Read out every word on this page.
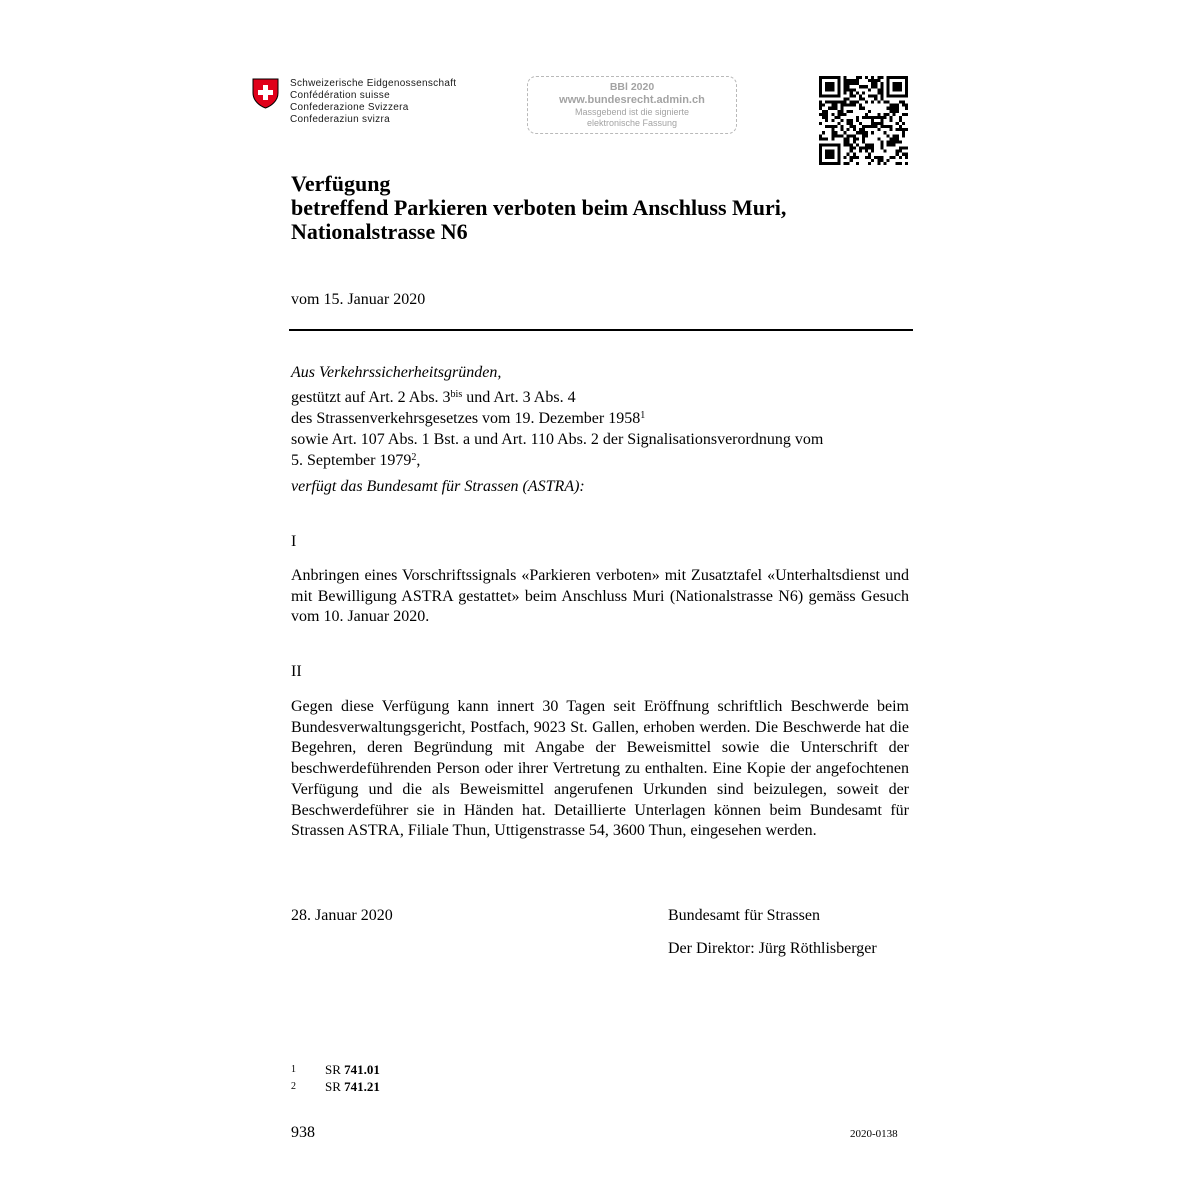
Schweizerische Eidgenossenschaft
Confédération suisse
Confederazione Svizzera
Confederaziun svizra
BBl 2020
www.bundesrecht.admin.ch
Massgebend ist die signierte
elektronische Fassung
Verfügung
betreffend Parkieren verboten beim Anschluss Muri,
Nationalstrasse N6
vom 15. Januar 2020
Aus Verkehrssicherheitsgründen,
gestützt auf Art. 2 Abs. $3^{bis}$ und Art. 3 Abs. 4
des Strassenverkehrsgesetzes vom 19. Dezember 1958$^1$
sowie Art. 107 Abs. 1 Bst. a und Art. 110 Abs. 2 der Signalisationsverordnung vom
5. September 1979$^2$,
verfügt das Bundesamt für Strassen (ASTRA):
I
Anbringen eines Vorschriftssignals «Parkieren verboten» mit Zusatztafel «Unterhaltsdienst und mit Bewilligung ASTRA gestattet» beim Anschluss Muri (Nationalstrasse N6) gemäss Gesuch vom 10. Januar 2020.
II
Gegen diese Verfügung kann innert 30 Tagen seit Eröffnung schriftlich Beschwerde beim Bundesverwaltungsgericht, Postfach, 9023 St. Gallen, erhoben werden. Die Beschwerde hat die Begehren, deren Begründung mit Angabe der Beweismittel sowie die Unterschrift der beschwerdeführenden Person oder ihrer Vertretung zu enthalten. Eine Kopie der angefochtenen Verfügung und die als Beweismittel angerufenen Urkunden sind beizulegen, soweit der Beschwerdeführer sie in Händen hat. Detaillierte Unterlagen können beim Bundesamt für Strassen ASTRA, Filiale Thun, Uttigenstrasse 54, 3600 Thun, eingesehen werden.
28. Januar 2020	Bundesamt für Strassen
Der Direktor: Jürg Röthlisberger
$^1$ SR 741.01
$^2$ SR 741.21
938	2020-0138
